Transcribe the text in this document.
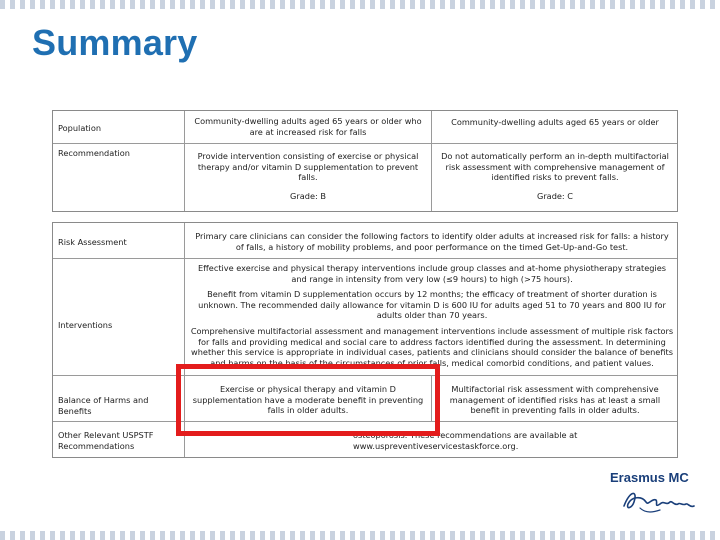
Summary
Population
Community-dwelling adults aged 65 years or older who are at increased risk for falls
Community-dwelling adults aged 65 years or older
Recommendation	Provide intervention consisting of exercise or physical therapy and/or vitamin D supplementation to prevent falls.
Grade: B
Do not automatically perform an in-depth multifactorial risk assessment with comprehensive management of identified risks to prevent falls.
Grade: C
Risk Assessment
Primary care clinicians can consider the following factors to identify older adults at increased risk for falls: a history of falls, a history of mobility problems, and poor performance on the timed Get-Up-and-Go test.
Interventions
Effective exercise and physical therapy interventions include group classes and at-home physiotherapy strategies and range in intensity from very low (≤9 hours) to high (>75 hours).
Benefit from vitamin D supplementation occurs by 12 months; the efficacy of treatment of shorter duration is unknown. The recommended daily allowance for vitamin D is 600 IU for adults aged 51 to 70 years and 800 IU for adults older than 70 years.
Comprehensive multifactorial assessment and management interventions include assessment of multiple risk factors for falls and providing medical and social care to address factors identified during the assessment. In determining whether this service is appropriate in individual cases, patients and clinicians should consider the balance of benefits and harms on the basis of the circumstances of prior falls, medical comorbid conditions, and patient values.
Balance of Harms and Benefits
Exercise or physical therapy and vitamin D supplementation have a moderate benefit in preventing falls in older adults.
Multifactorial risk assessment with comprehensive management of identified risks has at least a small benefit in preventing falls in older adults.
Other Relevant USPSTF Recommendations
osteoporosis. These recommendations are available at www.uspreventiveservicestaskforce.org.
Erasmus MC
